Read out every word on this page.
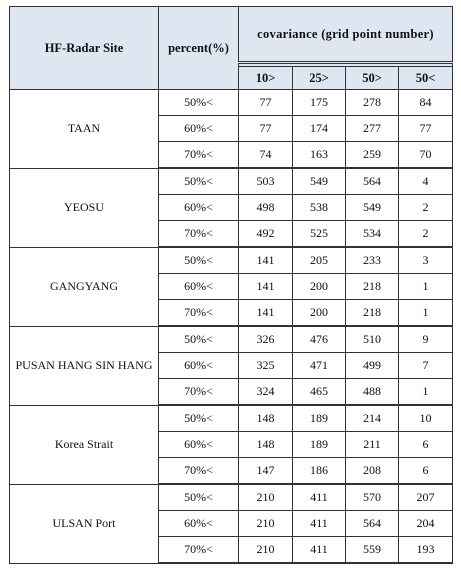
HF-Radar Site	percent(%)	covariance (grid point number)			

		10>	25>	50>	50<
TAAN	50%<	77	175	278	84
	60%<	77	174	277	77
	70%<	74	163	259	70
YEOSU	50%<	503	549	564	4
	60%<	498	538	549	2
	70%<	492	525	534	2
GANGYANG	50%<	141	205	233	3
	60%<	141	200	218	1
	70%<	141	200	218	1
PUSAN HANG SIN HANG	50%<	326	476	510	9
	60%<	325	471	499	7
	70%<	324	465	488	1
Korea Strait	50%<	148	189	214	10
	60%<	148	189	211	6
	70%<	147	186	208	6
ULSAN Port	50%<	210	411	570	207
	60%<	210	411	564	204
	70%<	210	411	559	193
